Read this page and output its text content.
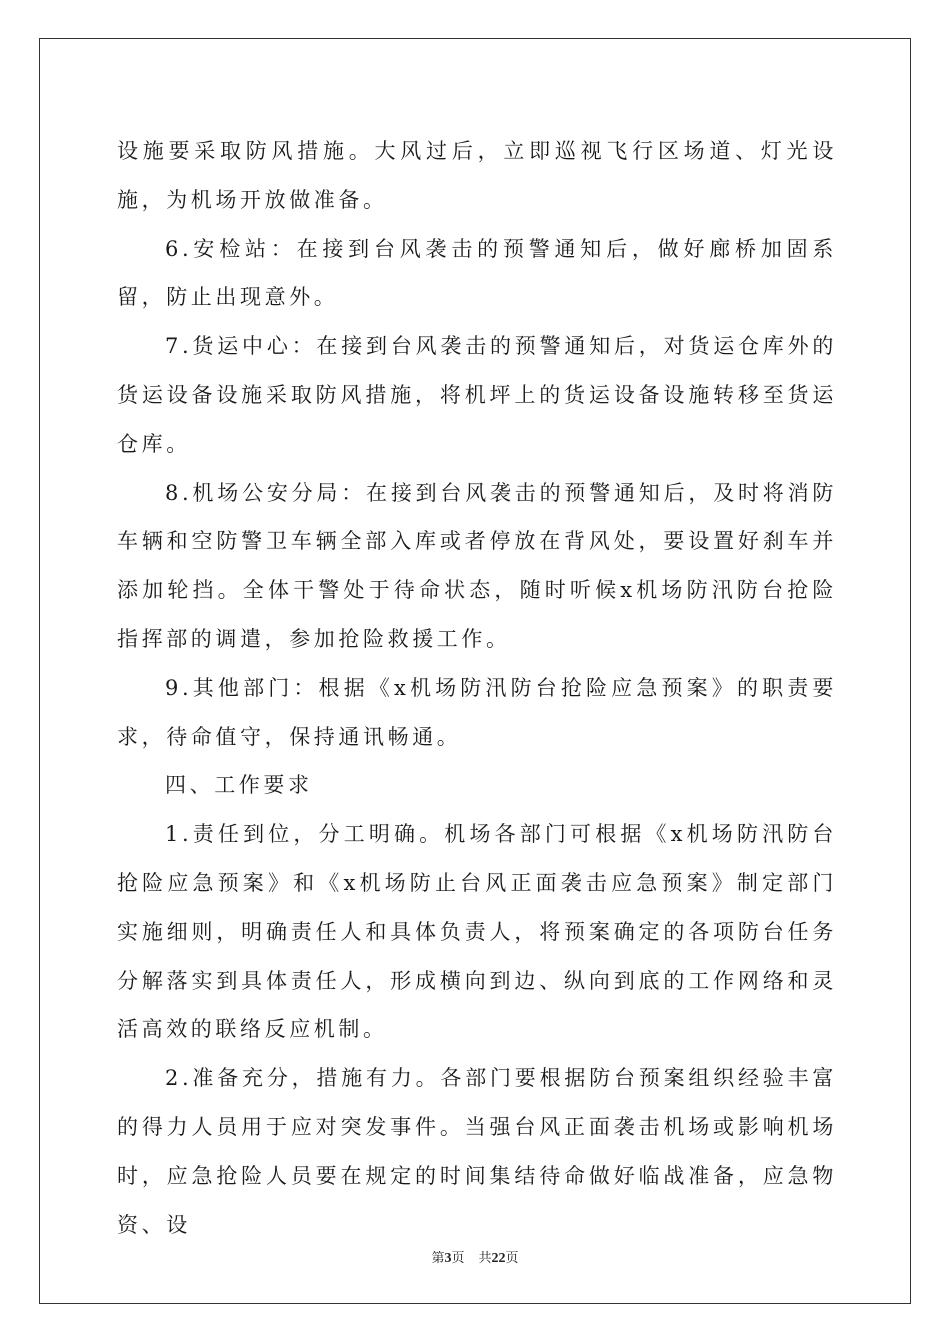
设施要采取防风措施。大风过后，立即巡视飞行区场道、灯光设施，为机场开放做准备。

6.安检站：在接到台风袭击的预警通知后，做好廊桥加固系留，防止出现意外。

7.货运中心：在接到台风袭击的预警通知后，对货运仓库外的货运设备设施采取防风措施，将机坪上的货运设备设施转移至货运仓库。

8.机场公安分局：在接到台风袭击的预警通知后，及时将消防车辆和空防警卫车辆全部入库或者停放在背风处，要设置好刹车并添加轮挡。全体干警处于待命状态，随时听候x机场防汛防台抢险指挥部的调遣，参加抢险救援工作。

9.其他部门：根据《x机场防汛防台抢险应急预案》的职责要求，待命值守，保持通讯畅通。

四、工作要求

1.责任到位，分工明确。机场各部门可根据《x机场防汛防台抢险应急预案》和《x机场防止台风正面袭击应急预案》制定部门实施细则，明确责任人和具体负责人，将预案确定的各项防台任务分解落实到具体责任人，形成横向到边、纵向到底的工作网络和灵活高效的联络反应机制。

2.准备充分，措施有力。各部门要根据防台预案组织经验丰富的得力人员用于应对突发事件。当强台风正面袭击机场或影响机场时，应急抢险人员要在规定的时间集结待命做好临战准备，应急物资、设

第3页 共22页
